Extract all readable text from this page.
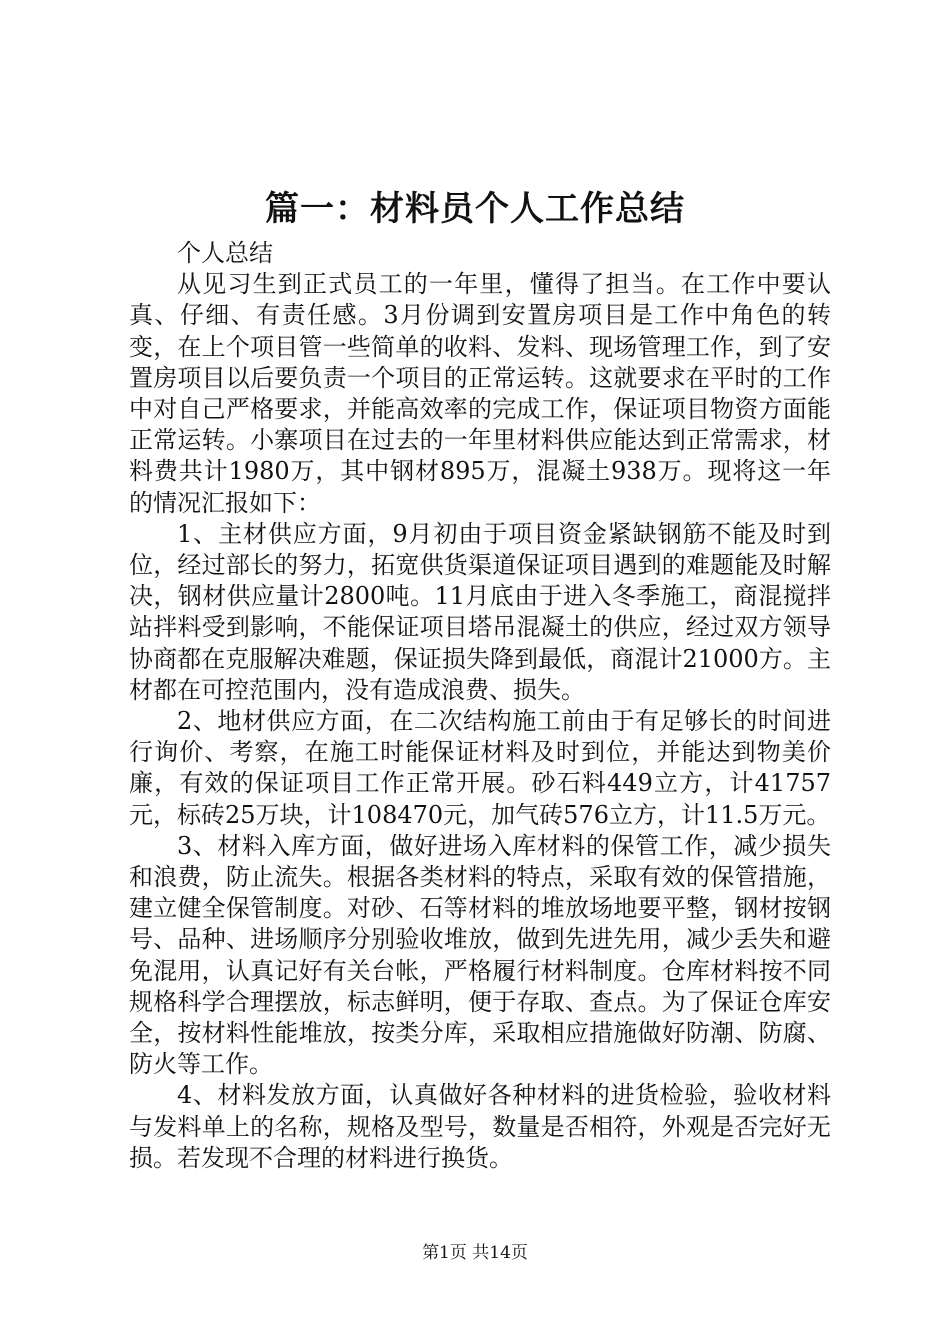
篇一：材料员个人工作总结

个人总结

从见习生到正式员工的一年里，懂得了担当。在工作中要认真、仔细、有责任感。3月份调到安置房项目是工作中角色的转变，在上个项目管一些简单的收料、发料、现场管理工作，到了安置房项目以后要负责一个项目的正常运转。这就要求在平时的工作中对自己严格要求，并能高效率的完成工作，保证项目物资方面能正常运转。小寨项目在过去的一年里材料供应能达到正常需求，材料费共计1980万，其中钢材895万，混凝土938万。现将这一年的情况汇报如下：

1、主材供应方面，9月初由于项目资金紧缺钢筋不能及时到位，经过部长的努力，拓宽供货渠道保证项目遇到的难题能及时解决，钢材供应量计2800吨。11月底由于进入冬季施工，商混搅拌站拌料受到影响，不能保证项目塔吊混凝土的供应，经过双方领导协商都在克服解决难题，保证损失降到最低，商混计21000方。主材都在可控范围内，没有造成浪费、损失。

2、地材供应方面，在二次结构施工前由于有足够长的时间进行询价、考察，在施工时能保证材料及时到位，并能达到物美价廉，有效的保证项目工作正常开展。砂石料449立方，计41757元，标砖25万块，计108470元，加气砖576立方，计11.5万元。

3、材料入库方面，做好进场入库材料的保管工作，减少损失和浪费，防止流失。根据各类材料的特点，采取有效的保管措施，建立健全保管制度。对砂、石等材料的堆放场地要平整，钢材按钢号、品种、进场顺序分别验收堆放，做到先进先用，减少丢失和避免混用，认真记好有关台帐，严格履行材料制度。仓库材料按不同规格科学合理摆放，标志鲜明，便于存取、查点。为了保证仓库安全，按材料性能堆放，按类分库，采取相应措施做好防潮、防腐、防火等工作。

4、材料发放方面，认真做好各种材料的进货检验，验收材料与发料单上的名称，规格及型号，数量是否相符，外观是否完好无损。若发现不合理的材料进行换货。

第1页 共14页
